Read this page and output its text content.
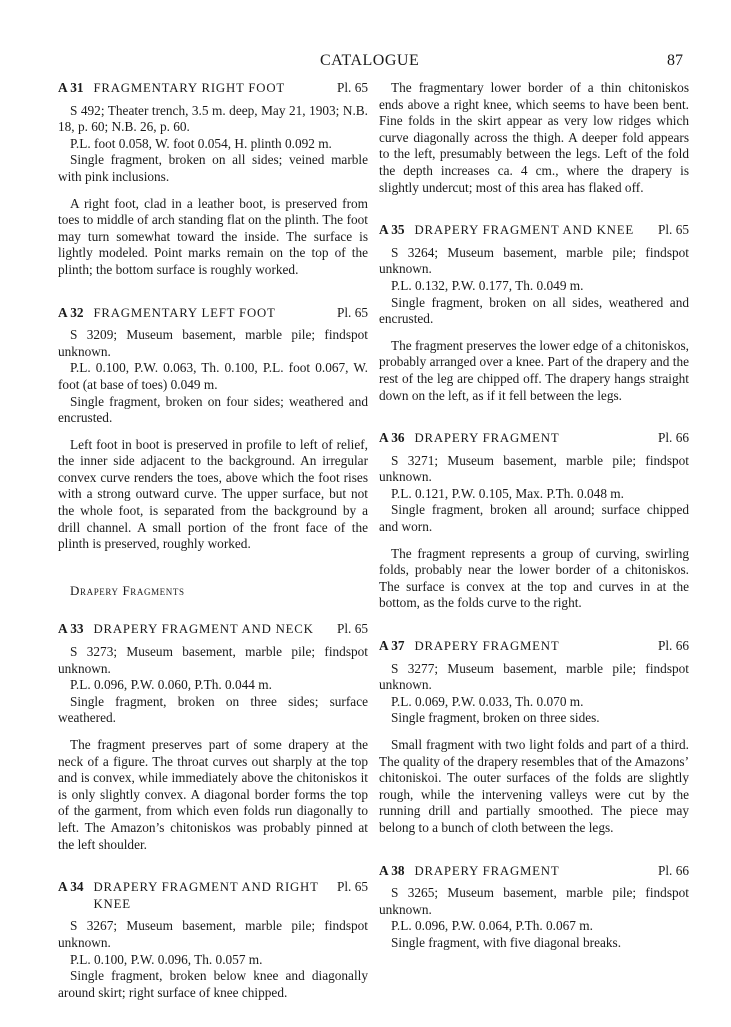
CATALOGUE	87
A 31 FRAGMENTARY RIGHT FOOT	Pl. 65

S 492; Theater trench, 3.5 m. deep, May 21, 1903; N.B. 18, p. 60; N.B. 26, p. 60.

P.L. foot 0.058, W. foot 0.054, H. plinth 0.092 m.

Single fragment, broken on all sides; veined marble with pink inclusions.

A right foot, clad in a leather boot, is preserved from toes to middle of arch standing flat on the plinth. The foot may turn somewhat toward the inside. The surface is lightly modeled. Point marks remain on the top of the plinth; the bottom surface is roughly worked.

A 32 FRAGMENTARY LEFT FOOT	Pl. 65

S 3209; Museum basement, marble pile; findspot unknown.

P.L. 0.100, P.W. 0.063, Th. 0.100, P.L. foot 0.067, W. foot (at base of toes) 0.049 m.

Single fragment, broken on four sides; weathered and encrusted.

Left foot in boot is preserved in profile to left of relief, the inner side adjacent to the background. An irregular convex curve renders the toes, above which the foot rises with a strong outward curve. The upper surface, but not the whole foot, is separated from the background by a drill channel. A small portion of the front face of the plinth is preserved, roughly worked.

Drapery Fragments
A 33 DRAPERY FRAGMENT AND NECK	Pl. 65

S 3273; Museum basement, marble pile; findspot unknown.

P.L. 0.096, P.W. 0.060, P.Th. 0.044 m.

Single fragment, broken on three sides; surface weathered.

The fragment preserves part of some drapery at the neck of a figure. The throat curves out sharply at the top and is convex, while immediately above the chitoniskos it is only slightly convex. A diagonal border forms the top of the garment, from which even folds run diagonally to left. The Amazon’s chitoniskos was probably pinned at the left shoulder.

A 34 DRAPERY FRAGMENT AND RIGHT KNEE
Pl. 65

S 3267; Museum basement, marble pile; findspot unknown.

P.L. 0.100, P.W. 0.096, Th. 0.057 m.

Single fragment, broken below knee and diagonally around skirt; right surface of knee chipped.

The fragmentary lower border of a thin chitoniskos ends above a right knee, which seems to have been bent. Fine folds in the skirt appear as very low ridges which curve diagonally across the thigh. A deeper fold appears to the left, presumably between the legs. Left of the fold the depth increases ca. 4 cm., where the drapery is slightly undercut; most of this area has flaked off.

A 35 DRAPERY FRAGMENT AND KNEE	Pl. 65

S 3264; Museum basement, marble pile; findspot unknown.

P.L. 0.132, P.W. 0.177, Th. 0.049 m.

Single fragment, broken on all sides, weathered and encrusted.

The fragment preserves the lower edge of a chitoniskos, probably arranged over a knee. Part of the drapery and the rest of the leg are chipped off. The drapery hangs straight down on the left, as if it fell between the legs.

A 36 DRAPERY FRAGMENT	Pl. 66

S 3271; Museum basement, marble pile; findspot unknown.

P.L. 0.121, P.W. 0.105, Max. P.Th. 0.048 m.

Single fragment, broken all around; surface chipped and worn.

The fragment represents a group of curving, swirling folds, probably near the lower border of a chitoniskos. The surface is convex at the top and curves in at the bottom, as the folds curve to the right.

A 37 DRAPERY FRAGMENT	Pl. 66

S 3277; Museum basement, marble pile; findspot unknown.

P.L. 0.069, P.W. 0.033, Th. 0.070 m.

Single fragment, broken on three sides.

Small fragment with two light folds and part of a third. The quality of the drapery resembles that of the Amazons’ chitoniskoi. The outer surfaces of the folds are slightly rough, while the intervening valleys were cut by the running drill and partially smoothed. The piece may belong to a bunch of cloth between the legs.

A 38 DRAPERY FRAGMENT	Pl. 66

S 3265; Museum basement, marble pile; findspot unknown.

P.L. 0.096, P.W. 0.064, P.Th. 0.067 m.

Single fragment, with five diagonal breaks.
